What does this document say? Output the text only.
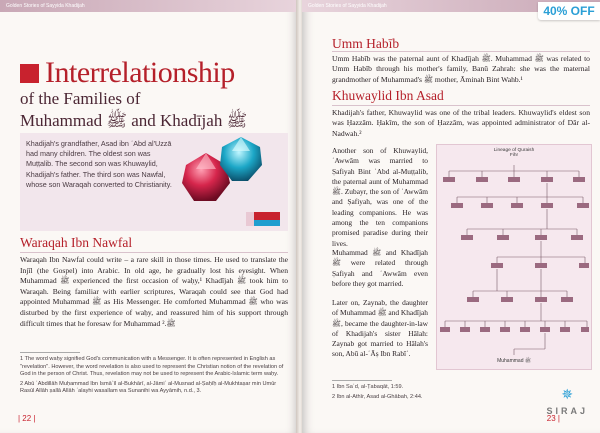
Golden Stories of Sayyida Khadijah
Interrelationship
of the Families of
Muhammad ﷺ and Khadījah ﷺ
Khadijah's grandfather, Asad ibn ʿAbd al'Uzzā had many children. The oldest son was Muṭṭalib. The second son was Khuwaylid, Khadijah's father. The third son was Nawfal, whose son Waraqah converted to Christianity.
Waraqah Ibn Nawfal
Waraqah Ibn Nawfal could write – a rare skill in those times. He used to translate the Injīl (the Gospel) into Arabic. In old age, he gradually lost his eyesight. When Muhammad ﷺ experienced the first occasion of waḥy,¹ Khadījah ﷺ took him to Waraqah. Being familiar with earlier scriptures, Waraqah could see that God had appointed Muhammad ﷺ as His Messenger. He comforted Muhammad ﷺ who was disturbed by the first experience of waḥy, and reassured him of his support through difficult times that he foresaw for Muhammad ﷺ.²

1 The word waḥy signified God's communication with a Messenger. It is often represented in English as "revelation". However, the word revelation is also used to represent the Christian notion of the revelation of God in the person of Christ. Thus, revelation may not be used to represent the Arabic-Islamic term waḥy.

2 Abū ʿAbdillāh Muḥammad Ibn Ismāʿīl al-Bukhārī, al-Jāmiʿ al-Musnad al-Ṣaḥīḥ al-Mukhtaṣar min Umūr Rasūl Allāh ṣallā Allāh ʿalayhi wasallam wa Sunanihi wa Ayyāmih, n.d., 3.

| 22 |
Golden Stories of Sayyida Khadijah
Umm Habīb
Umm Habīb was the paternal aunt of Khadījah ﷺ. Muhammad ﷺ was related to Umm Habīb through his mother's family, Banū Zahrah: she was the maternal grandmother of Muhammad's ﷺ mother, Āminah Bint Wahb.¹
Khuwaylid Ibn Asad
Khadijah's father, Khuwaylid was one of the tribal leaders. Khuwaylid's eldest son was Ḥazzām. Ḥakīm, the son of Ḥazzām, was appointed administrator of Dār al-Nadwah.²
Another son of Khuwaylid, ʿAwwām was married to Ṣafiyah Bint ʿAbd al-Muṭṭalib, the paternal aunt of Muhammad ﷺ. Zubayr, the son of ʿAwwām and Ṣafiyah, was one of the leading companions. He was among the ten companions promised paradise during their lives.
Muhammad ﷺ and Khadījah ﷺ were related through Ṣafiyah and ʿAwwām even before they got married.
Later on, Zaynab, the daughter of Muhammad ﷺ and Khadījah ﷺ, became the daughter-in-law of Khadijah's sister Hālah: Zaynab got married to Hālah's son, Abū al-ʿĀṣ Ibn Rabīʿ.
Lineage of Quraish
Fihr
Muhammad ﷺ

1 Ibn Saʿd, al-Ṭabaqāt, 1:59.

2 Ibn al-Athīr, Asad al-Ghābah, 2:44.

23 |
✵
SIRAJ
40% OFF
